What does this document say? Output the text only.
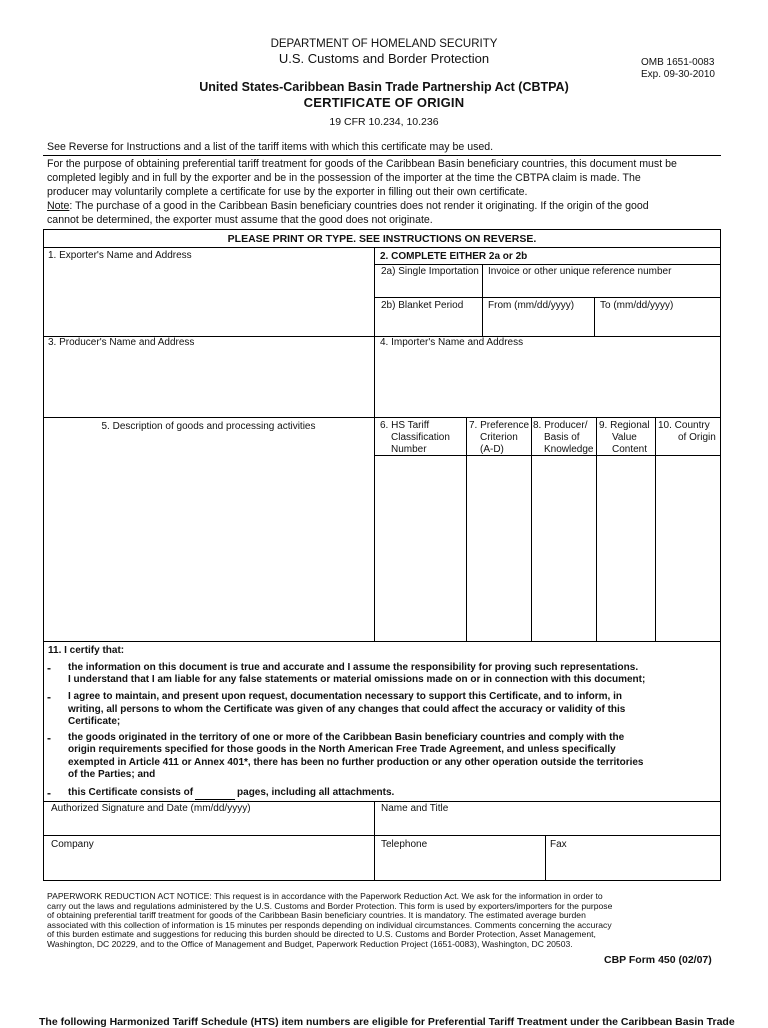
DEPARTMENT OF HOMELAND SECURITY
U.S. Customs and Border Protection	OMB 1651-0083
Exp. 09-30-2010
United States-Caribbean Basin Trade Partnership Act (CBTPA)
CERTIFICATE OF ORIGIN
19 CFR 10.234, 10.236
See Reverse for Instructions and a list of the tariff items with which this certificate may be used.
For the purpose of obtaining preferential tariff treatment for goods of the Caribbean Basin beneficiary countries, this document must be
completed legibly and in full by the exporter and be in the possession of the importer at the time the CBTPA claim is made. The
producer may voluntarily complete a certificate for use by the exporter in filling out their own certificate.
Note: The purchase of a good in the Caribbean Basin beneficiary countries does not render it originating. If the origin of the good
cannot be determined, the exporter must assume that the good does not originate.
PLEASE PRINT OR TYPE. SEE INSTRUCTIONS ON REVERSE.
1. Exporter's Name and Address	2. COMPLETE EITHER 2a or 2b
2a) Single Importation Invoice or other unique reference number
2b) Blanket Period From (mm/dd/yyyy)	To (mm/dd/yyyy)
3. Producer's Name and Address	4. Importer's Name and Address
5. Description of goods and processing activities	6. HS Tariff
Classification
Number
7. Preference
Criterion
(A-D)
8. Producer/
Basis of
Knowledge
9. Regional
Value
Content
10. Country
of Origin
11. I certify that:
- the information on this document is true and accurate and I assume the responsibility for proving such representations.
I understand that I am liable for any false statements or material omissions made on or in connection with this document;
- I agree to maintain, and present upon request, documentation necessary to support this Certificate, and to inform, in
writing, all persons to whom the Certificate was given of any changes that could affect the accuracy or validity of this
Certificate;
- the goods originated in the territory of one or more of the Caribbean Basin beneficiary countries and comply with the
origin requirements specified for those goods in the North American Free Trade Agreement, and unless specifically
exempted in Article 411 or Annex 401*, there has been no further production or any other operation outside the territories
of the Parties; and
- this Certificate consists of	pages, including all attachments.
Authorized Signature and Date (mm/dd/yyyy)	Name and Title
Company	Telephone	Fax
PAPERWORK REDUCTION ACT NOTICE: This request is in accordance with the Paperwork Reduction Act. We ask for the information in order to
carry out the laws and regulations administered by the U.S. Customs and Border Protection. This form is used by exporters/importers for the purpose
of obtaining preferential tariff treatment for goods of the Caribbean Basin beneficiary countries. It is mandatory. The estimated average burden
associated with this collection of information is 15 minutes per responds depending on individual circumstances. Comments concerning the accuracy
of this burden estimate and suggestions for reducing this burden should be directed to U.S. Customs and Border Protection, Asset Management,
Washington, DC 20229, and to the Office of Management and Budget, Paperwork Reduction Project (1651-0083), Washington, DC 20503.
CBP Form 450 (02/07)
The following Harmonized Tariff Schedule (HTS) item numbers are eligible for Preferential Tariff Treatment under the Caribbean Basin Trade
